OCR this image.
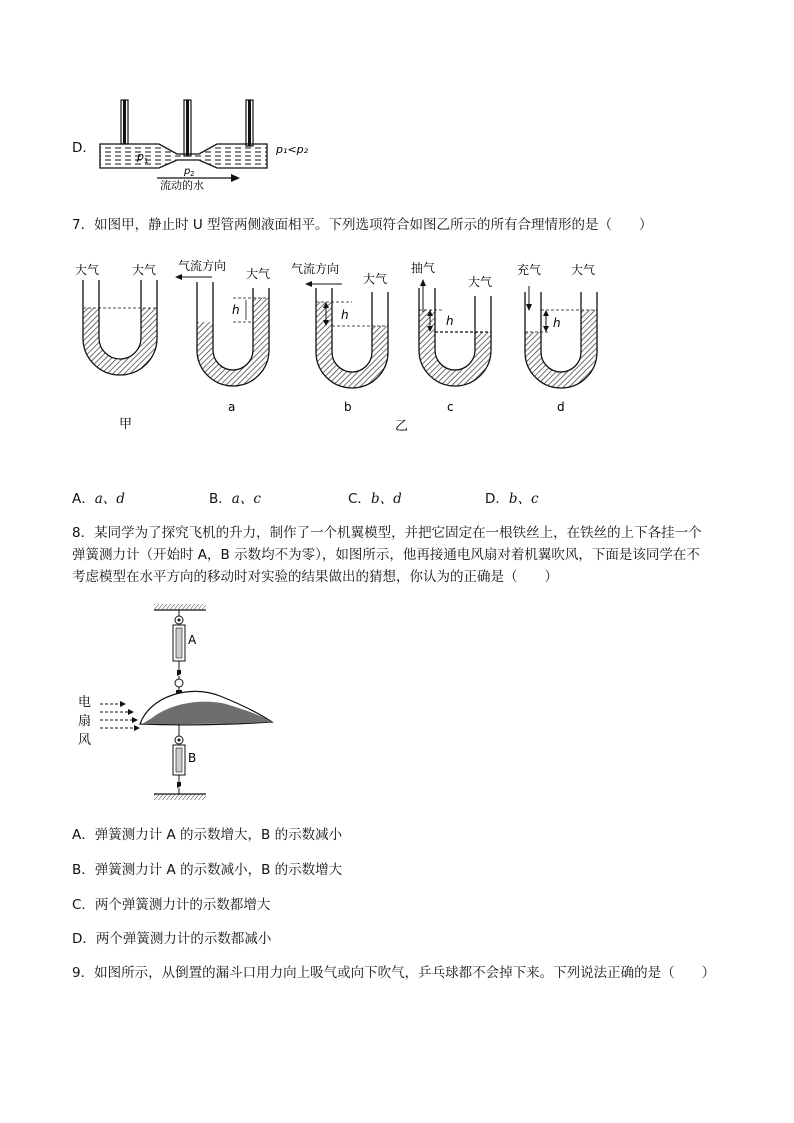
D．
p 1
p 2
p₁<p₂
流动的水
7．如图甲，静止时 U 型管两侧液面相平。下列选项符合如图乙所示的所有合理情形的是（　　）
大气	大气
甲
气流方向
大气
h
a
气流方向
大气
h
b
抽气
大气
h
c
充气 大气
h
d
乙
A．a、d	B．a、c	C．b、d	D．b、c
8．某同学为了探究飞机的升力，制作了一个机翼模型，并把它固定在一根铁丝上，在铁丝的上下各挂一个
弹簧测力计（开始时 A，B 示数均不为零），如图所示，他再接通电风扇对着机翼吹风，下面是该同学在不
考虑模型在水平方向的移动时对实验的结果做出的猜想，你认为的正确是（　　）
A
电
扇
风
B
A．弹簧测力计 A 的示数增大，B 的示数减小
B．弹簧测力计 A 的示数减小，B 的示数增大
C．两个弹簧测力计的示数都增大
D．两个弹簧测力计的示数都减小
9．如图所示，从倒置的漏斗口用力向上吸气或向下吹气，乒乓球都不会掉下来。下列说法正确的是（　　）
